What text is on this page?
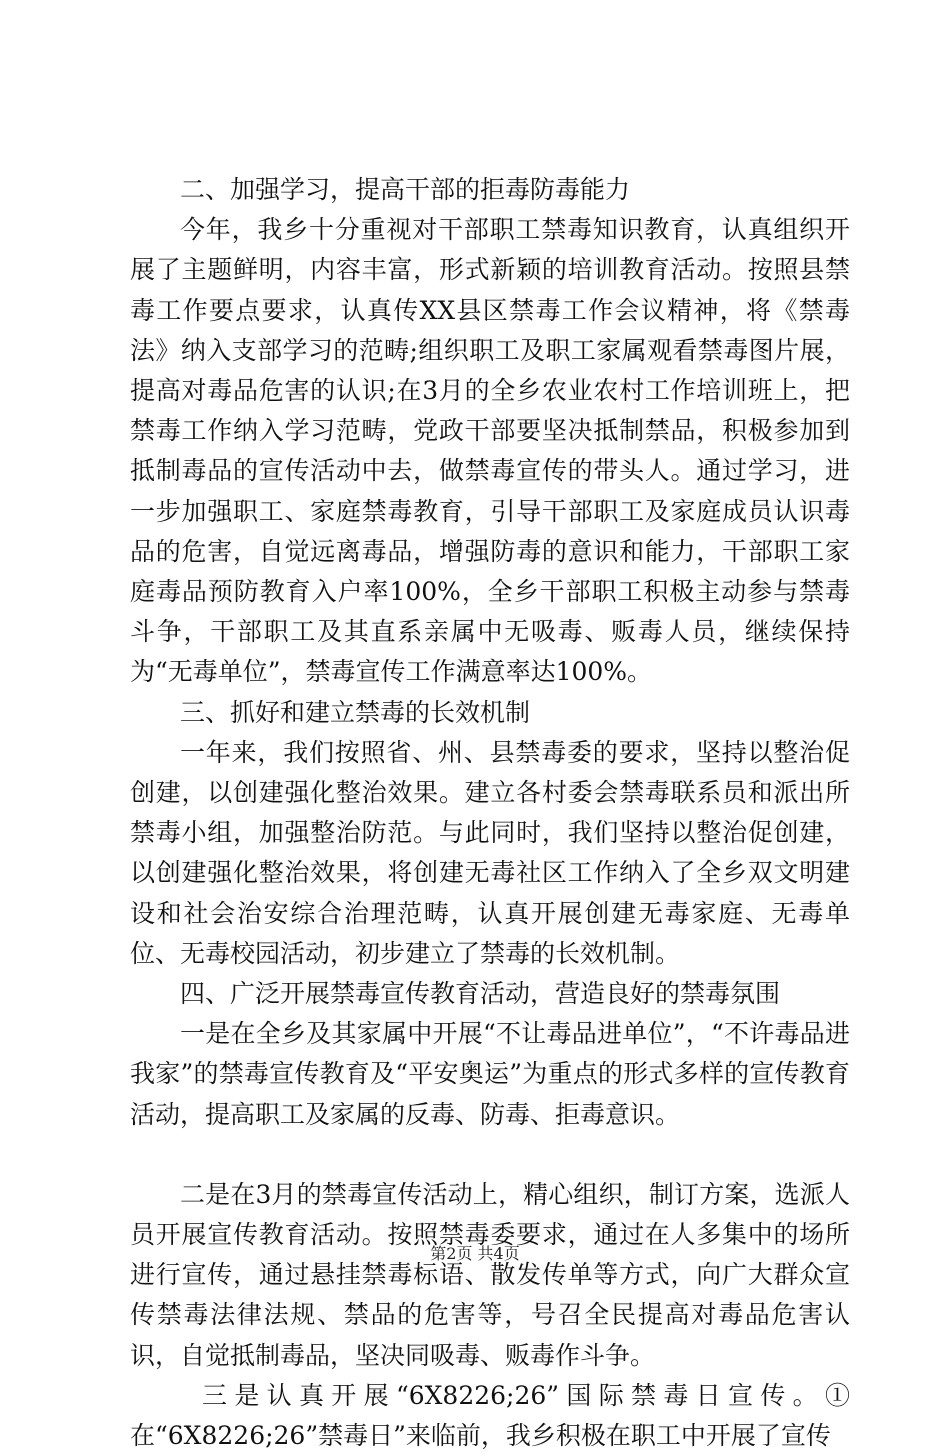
二、加强学习，提高干部的拒毒防毒能力

今年，我乡十分重视对干部职工禁毒知识教育，认真组织开展了主题鲜明，内容丰富，形式新颖的培训教育活动。按照县禁毒工作要点要求，认真传XX县区禁毒工作会议精神，将《禁毒法》纳入支部学习的范畴;组织职工及职工家属观看禁毒图片展，提高对毒品危害的认识;在3月的全乡农业农村工作培训班上，把禁毒工作纳入学习范畴，党政干部要坚决抵制禁品，积极参加到抵制毒品的宣传活动中去，做禁毒宣传的带头人。通过学习，进一步加强职工、家庭禁毒教育，引导干部职工及家庭成员认识毒品的危害，自觉远离毒品，增强防毒的意识和能力，干部职工家庭毒品预防教育入户率100%，全乡干部职工积极主动参与禁毒斗争，干部职工及其直系亲属中无吸毒、贩毒人员，继续保持为“无毒单位”，禁毒宣传工作满意率达100%。

三、抓好和建立禁毒的长效机制

一年来，我们按照省、州、县禁毒委的要求，坚持以整治促创建，以创建强化整治效果。建立各村委会禁毒联系员和派出所禁毒小组，加强整治防范。与此同时，我们坚持以整治促创建，以创建强化整治效果，将创建无毒社区工作纳入了全乡双文明建设和社会治安综合治理范畴，认真开展创建无毒家庭、无毒单位、无毒校园活动，初步建立了禁毒的长效机制。

四、广泛开展禁毒宣传教育活动，营造良好的禁毒氛围

一是在全乡及其家属中开展“不让毒品进单位”，“不许毒品进我家”的禁毒宣传教育及“平安奥运”为重点的形式多样的宣传教育活动，提高职工及家属的反毒、防毒、拒毒意识。

二是在3月的禁毒宣传活动上，精心组织，制订方案，选派人员开展宣传教育活动。按照禁毒委要求，通过在人多集中的场所进行宣传，通过悬挂禁毒标语、散发传单等方式，向广大群众宣传禁毒法律法规、禁品的危害等，号召全民提高对毒品危害认识，自觉抵制毒品，坚决同吸毒、贩毒作斗争。

三是认真开展“6X8226;26”国际禁毒日宣传。①在“6X8226;26”禁毒日”来临前，我乡积极在职工中开展了宣传

第2页 共4页
